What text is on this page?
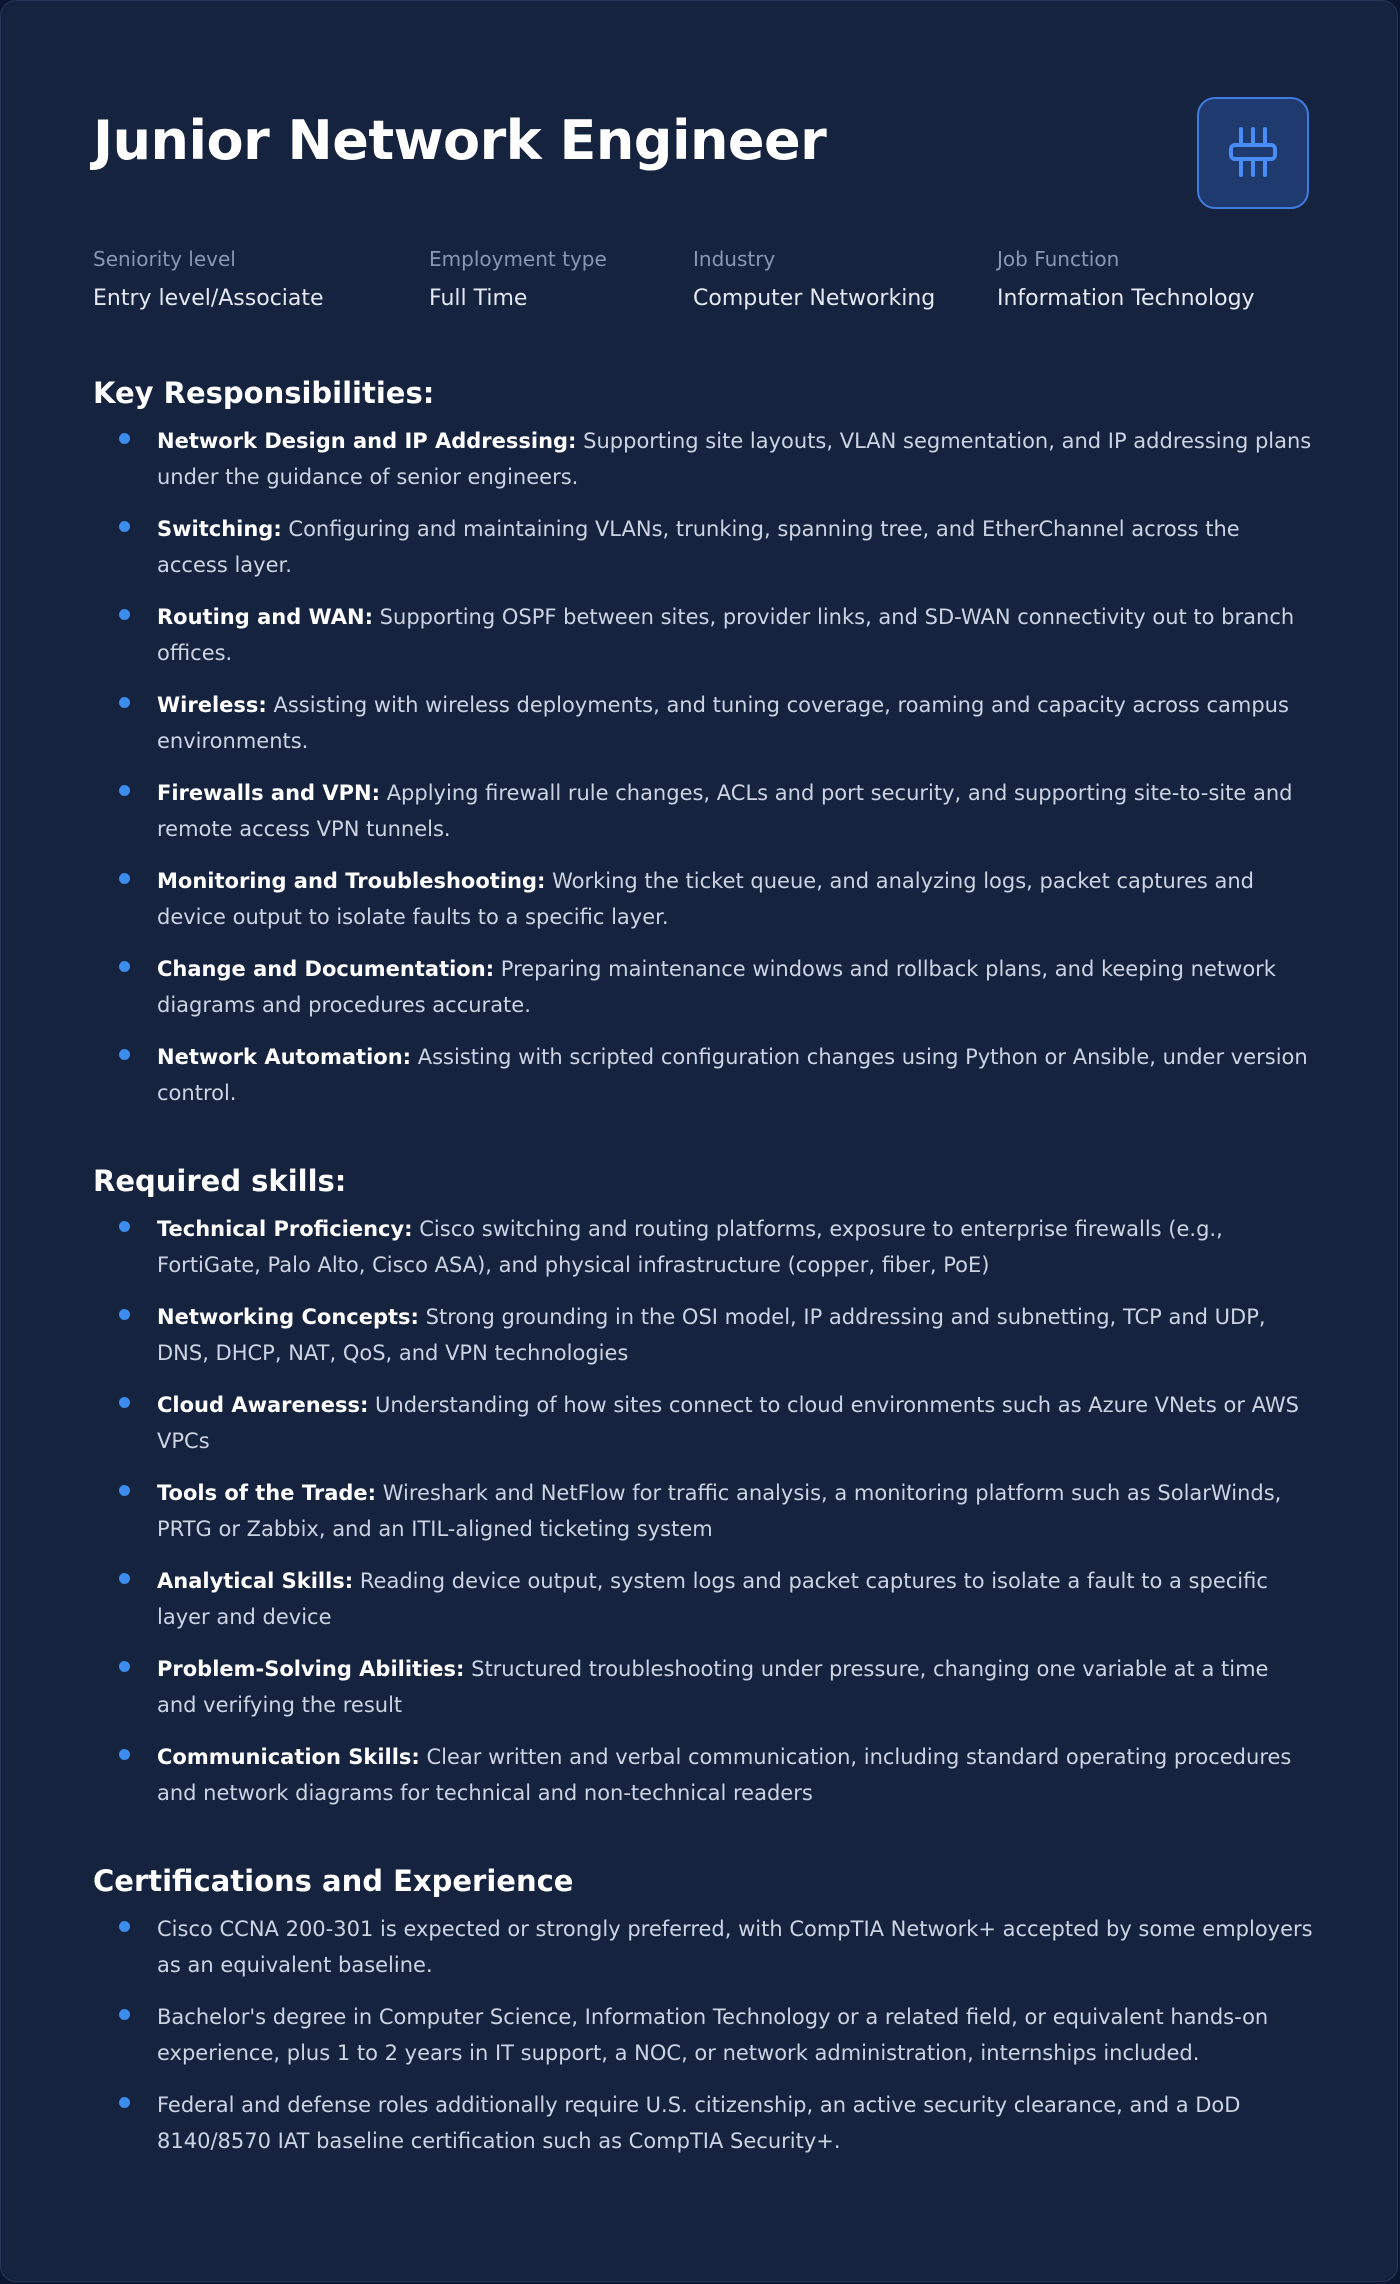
Junior Network Engineer
Seniority level
Entry level/Associate
Employment type
Full Time
Industry
Computer Networking
Job Function
Information Technology
Key Responsibilities:
Network Design and IP Addressing: Supporting site layouts, VLAN segmentation, and IP addressing plans under the guidance of senior engineers.
Switching: Configuring and maintaining VLANs, trunking, spanning tree, and EtherChannel across the access layer.
Routing and WAN: Supporting OSPF between sites, provider links, and SD-WAN connectivity out to branch offices.
Wireless: Assisting with wireless deployments, and tuning coverage, roaming and capacity across campus environments.
Firewalls and VPN: Applying firewall rule changes, ACLs and port security, and supporting site-to-site and remote access VPN tunnels.
Monitoring and Troubleshooting: Working the ticket queue, and analyzing logs, packet captures and device output to isolate faults to a specific layer.
Change and Documentation: Preparing maintenance windows and rollback plans, and keeping network diagrams and procedures accurate.
Network Automation: Assisting with scripted configuration changes using Python or Ansible, under version control.
Required skills:
Technical Proficiency: Cisco switching and routing platforms, exposure to enterprise firewalls (e.g., FortiGate, Palo Alto, Cisco ASA), and physical infrastructure (copper, fiber, PoE)
Networking Concepts: Strong grounding in the OSI model, IP addressing and subnetting, TCP and UDP, DNS, DHCP, NAT, QoS, and VPN technologies
Cloud Awareness: Understanding of how sites connect to cloud environments such as Azure VNets or AWS VPCs
Tools of the Trade: Wireshark and NetFlow for traffic analysis, a monitoring platform such as SolarWinds, PRTG or Zabbix, and an ITIL-aligned ticketing system
Analytical Skills: Reading device output, system logs and packet captures to isolate a fault to a specific layer and device
Problem-Solving Abilities: Structured troubleshooting under pressure, changing one variable at a time and verifying the result
Communication Skills: Clear written and verbal communication, including standard operating procedures and network diagrams for technical and non-technical readers
Certifications and Experience
Cisco CCNA 200-301 is expected or strongly preferred, with CompTIA Network+ accepted by some employers as an equivalent baseline.
Bachelor's degree in Computer Science, Information Technology or a related field, or equivalent hands-on experience, plus 1 to 2 years in IT support, a NOC, or network administration, internships included.
Federal and defense roles additionally require U.S. citizenship, an active security clearance, and a DoD 8140/8570 IAT baseline certification such as CompTIA Security+.
